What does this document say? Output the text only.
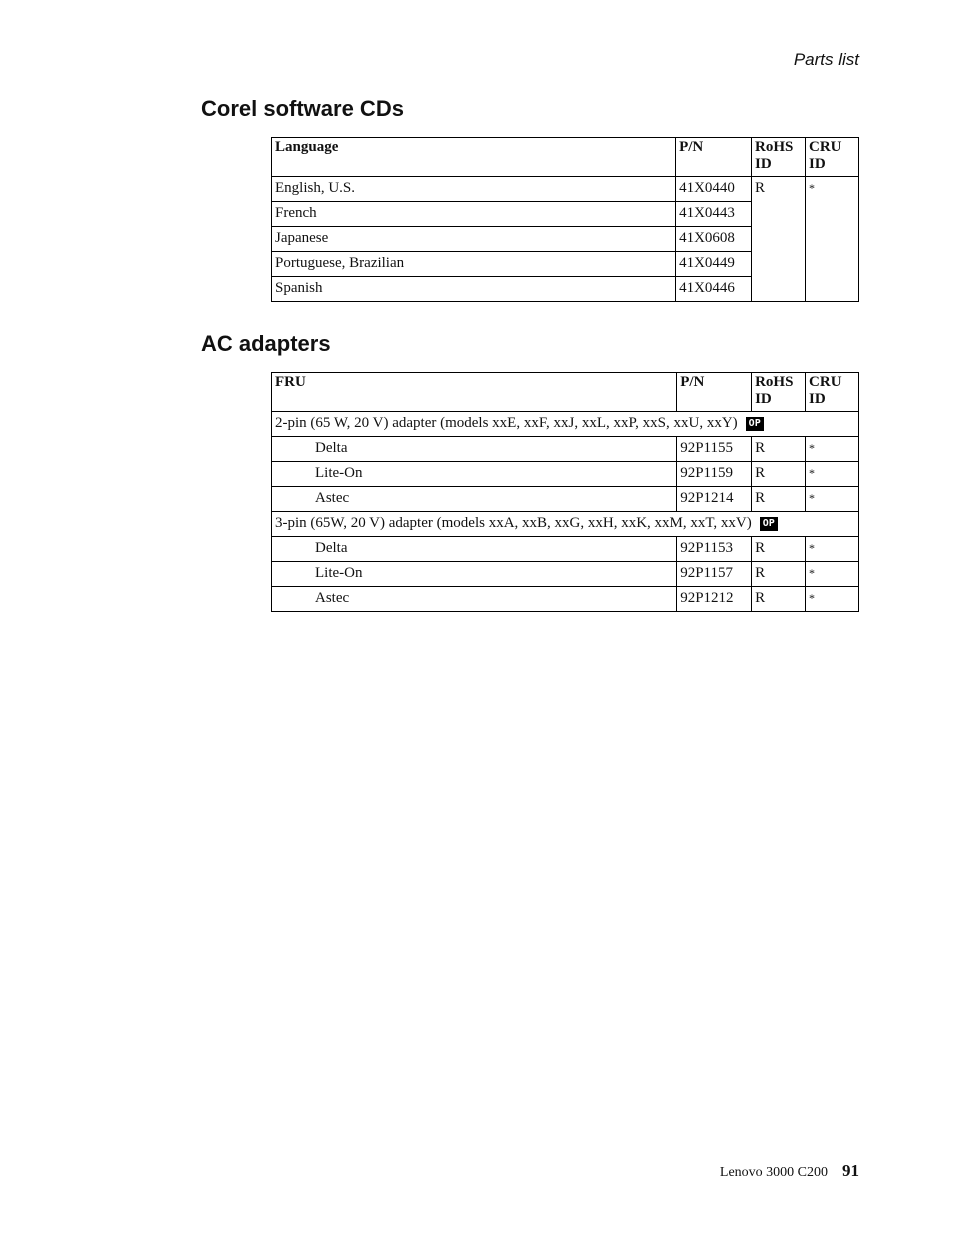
Parts list
Corel software CDs
Language	P/N	RoHS ID	CRU ID
English, U.S.	41X0440	R	*
French	41X0443		
Japanese	41X0608		
Portuguese, Brazilian	41X0449		
Spanish	41X0446		
AC adapters
FRU	P/N	RoHS ID	CRU ID
2-pin (65 W, 20 V) adapter (models xxE, xxF, xxJ, xxL, xxP, xxS, xxU, xxY) OP			
Delta	92P1155	R	*
Lite-On	92P1159	R	*
Astec	92P1214	R	*
3-pin (65W, 20 V) adapter (models xxA, xxB, xxG, xxH, xxK, xxM, xxT, xxV) OP			
Delta	92P1153	R	*
Lite-On	92P1157	R	*
Astec	92P1212	R	*
Lenovo 3000 C200 91
